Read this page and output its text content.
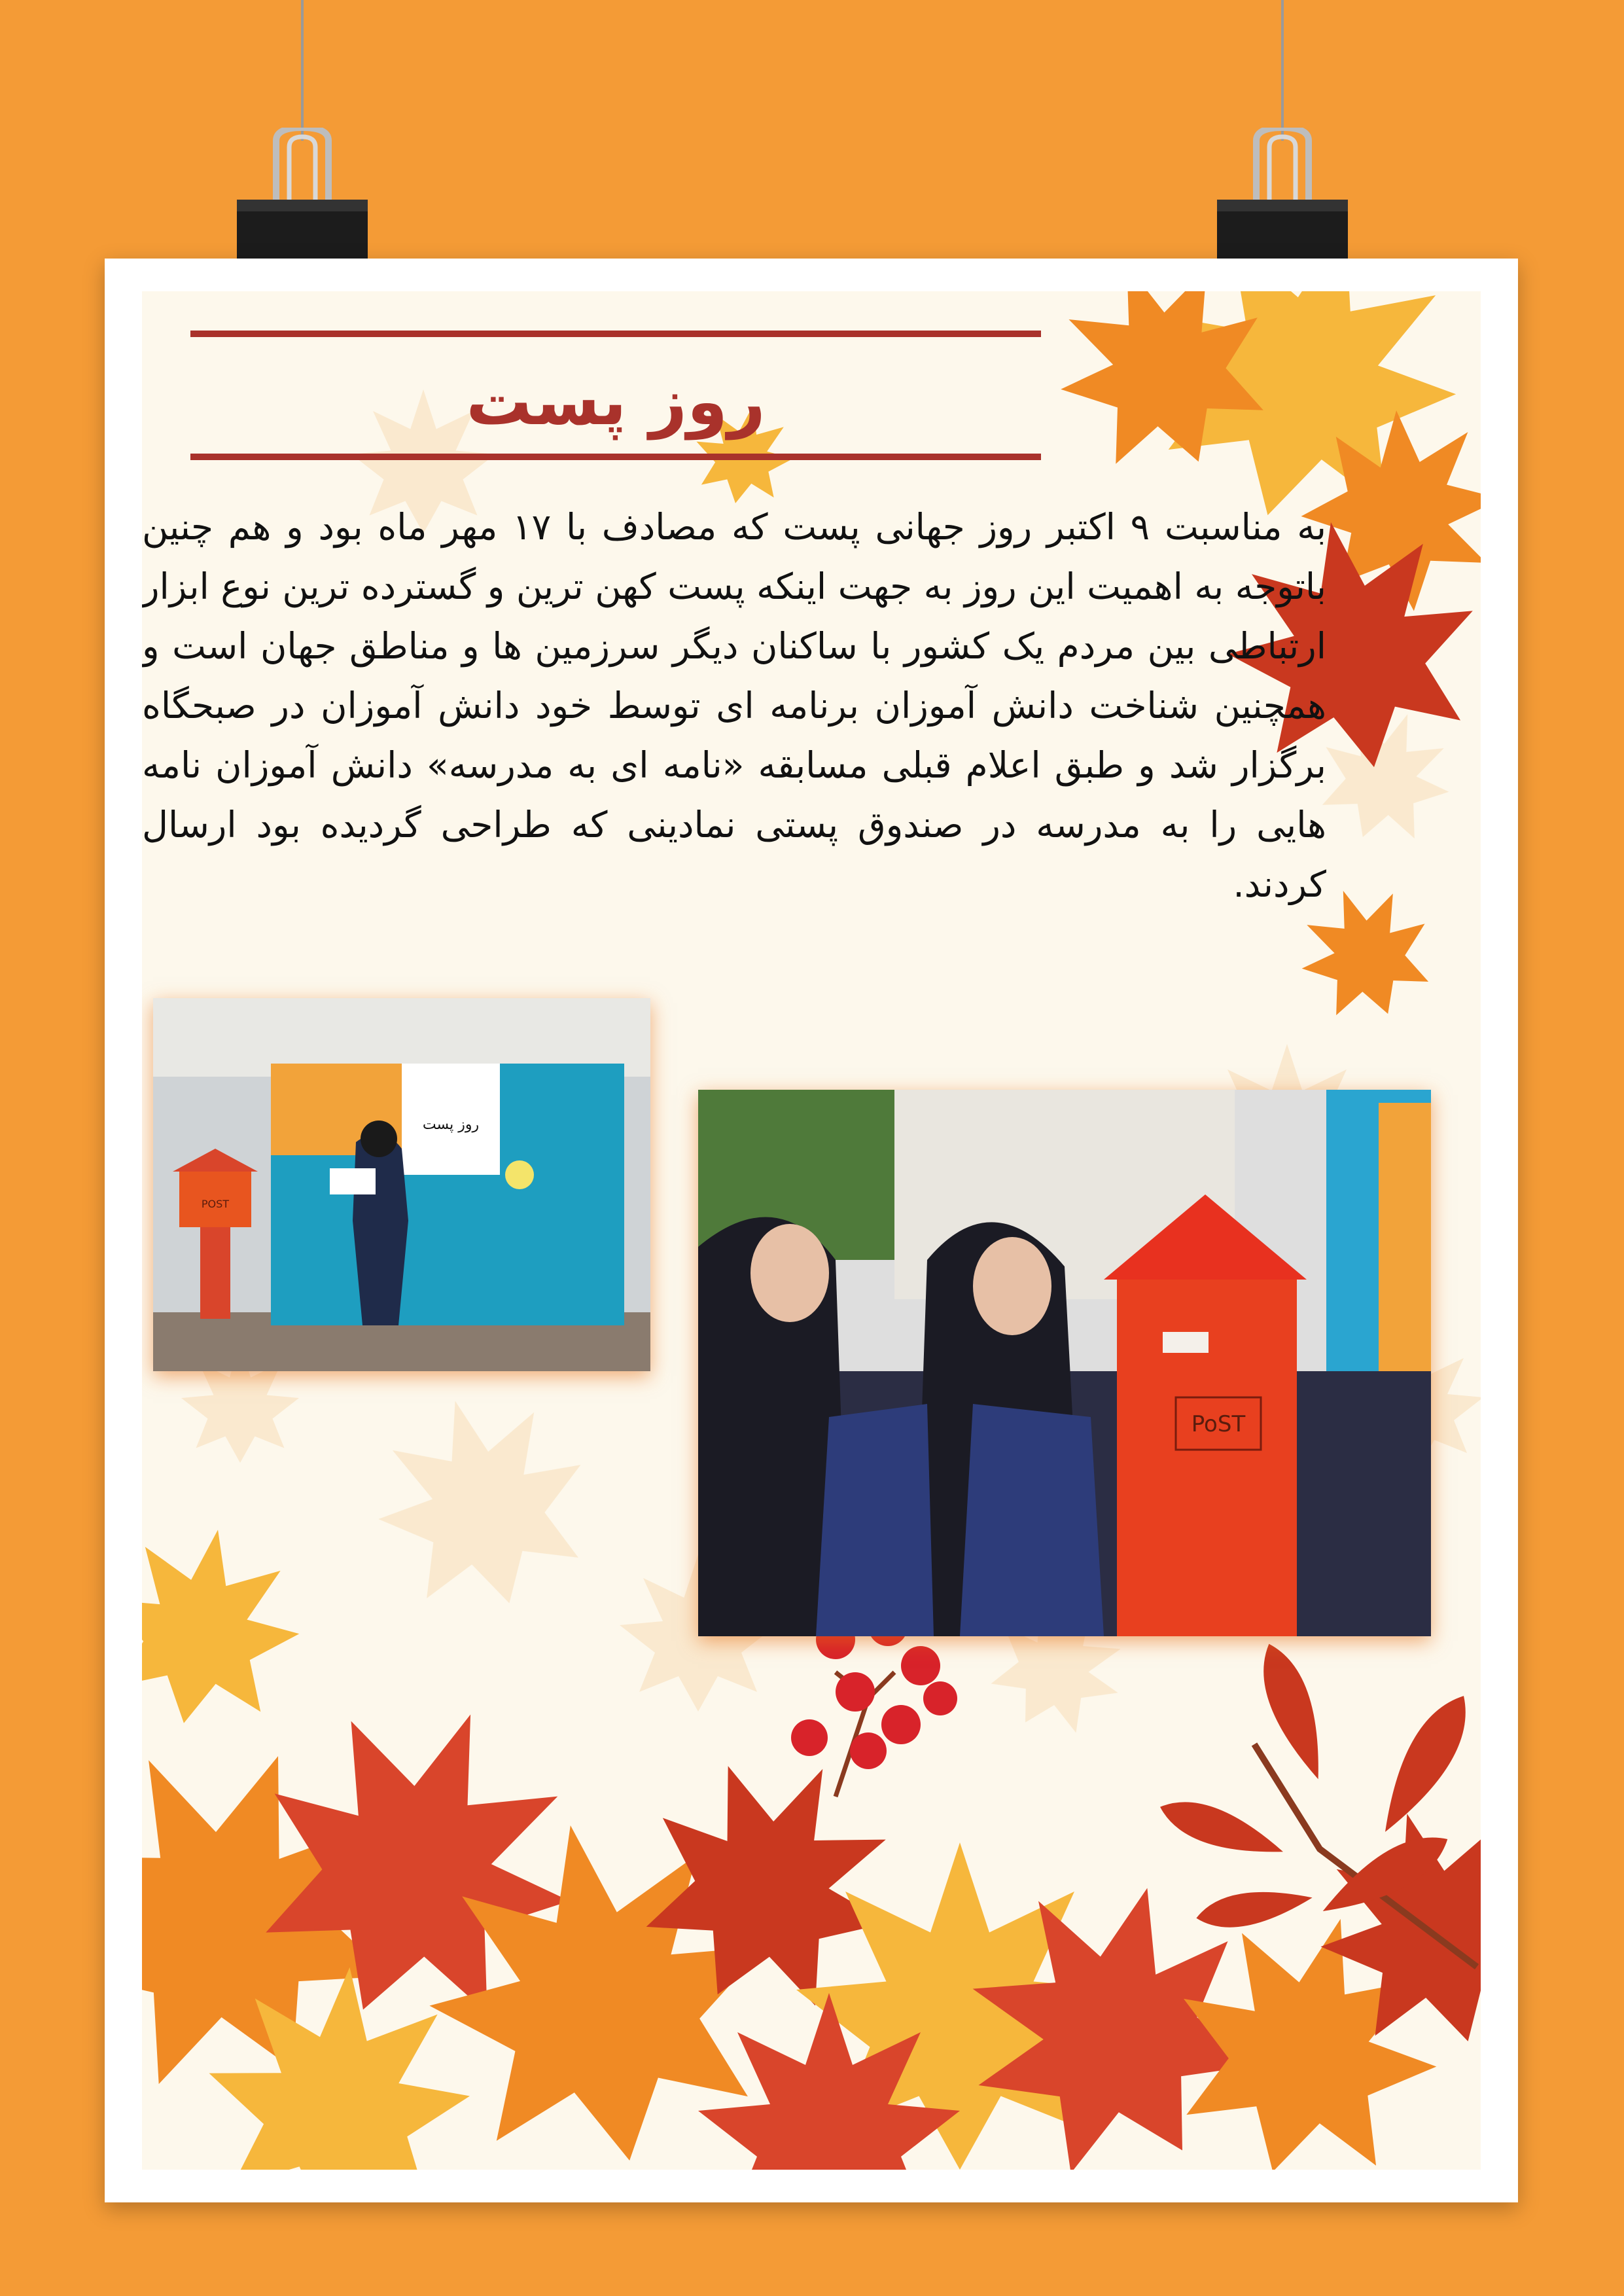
روز پست
به مناسبت ۹ اکتبر روز جهانی پست که مصادف با ۱۷ مهر ماه بود و هم چنین باتوجه به اهمیت این روز به جهت اینکه پست کهن ترین و گسترده ترین نوع ابزار ارتباطی بین مردم یک کشور با ساکنان دیگر سرزمین ها و مناطق جهان است و همچنین شناخت دانش آموزان برنامه ای توسط خود دانش آموزان در صبحگاه برگزار شد و طبق اعلام قبلی مسابقه «نامه ای به مدرسه» دانش آموزان نامه هایی را به مدرسه در صندوق پستی نمادینی که طراحی گردیده بود ارسال کردند.
روز پست
POST
PoST
